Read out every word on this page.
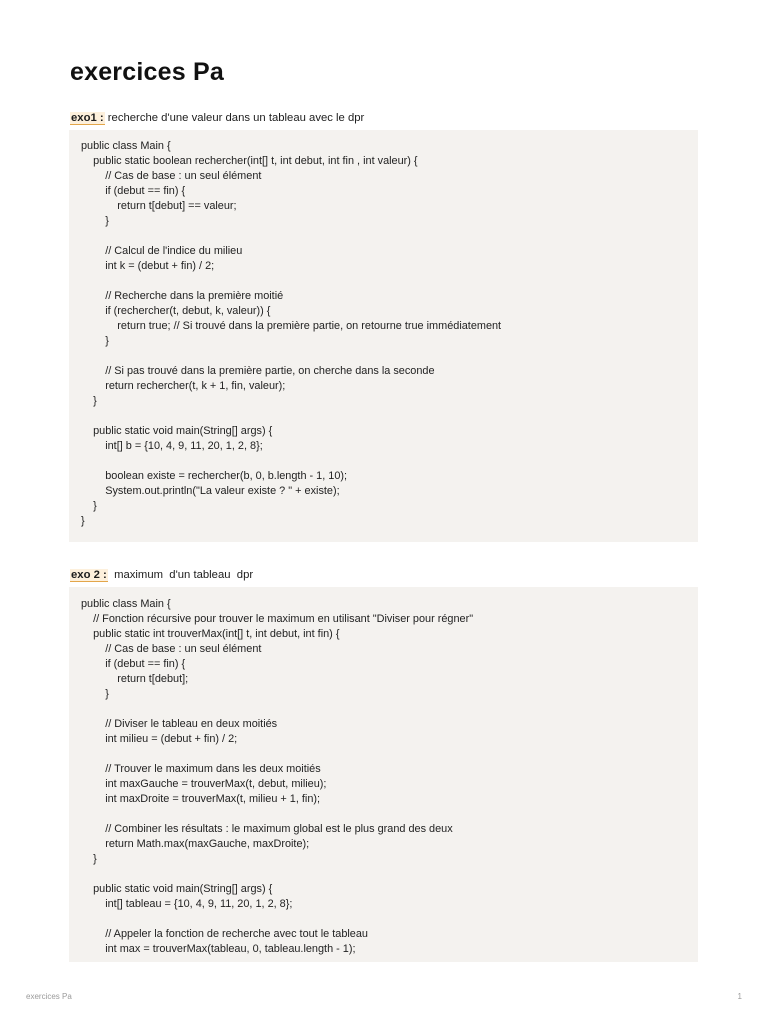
exercices Pa
exo1 : recherche d'une valeur dans un tableau avec le dpr
public class Main {
public static boolean rechercher(int[] t, int debut, int fin , int valeur) {
// Cas de base : un seul élément
if (debut == fin) {
return t[debut] == valeur;
}
// Calcul de l'indice du milieu
int k = (debut + fin) / 2;
// Recherche dans la première moitié
if (rechercher(t, debut, k, valeur)) {
return true; // Si trouvé dans la première partie, on retourne true immédiatement
}
// Si pas trouvé dans la première partie, on cherche dans la seconde
return rechercher(t, k + 1, fin, valeur);
}
public static void main(String[] args) {
int[] b = {10, 4, 9, 11, 20, 1, 2, 8};
boolean existe = rechercher(b, 0, b.length - 1, 10);
System.out.println("La valeur existe ? " + existe);
}
}
exo 2 :  maximum  d'un tableau  dpr
public class Main {
// Fonction récursive pour trouver le maximum en utilisant "Diviser pour régner"
public static int trouverMax(int[] t, int debut, int fin) {
// Cas de base : un seul élément
if (debut == fin) {
return t[debut];
}
// Diviser le tableau en deux moitiés
int milieu = (debut + fin) / 2;
// Trouver le maximum dans les deux moitiés
int maxGauche = trouverMax(t, debut, milieu);
int maxDroite = trouverMax(t, milieu + 1, fin);
// Combiner les résultats : le maximum global est le plus grand des deux
return Math.max(maxGauche, maxDroite);
}
public static void main(String[] args) {
int[] tableau = {10, 4, 9, 11, 20, 1, 2, 8};
// Appeler la fonction de recherche avec tout le tableau
int max = trouverMax(tableau, 0, tableau.length - 1);
exercices Pa	1
